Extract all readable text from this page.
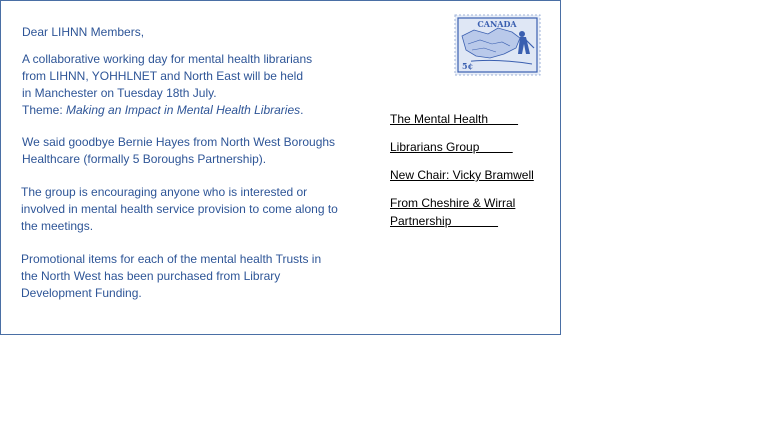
Dear LIHNN Members,

A collaborative working day for mental health librarians
from LIHNN, YOHHLNET and North East will be held
in Manchester on Tuesday 18th July.
Theme: Making an Impact in Mental Health Libraries.

We said goodbye Bernie Hayes from North West Boroughs
Healthcare (formally 5 Boroughs Partnership).

The group is encouraging anyone who is interested or
involved in mental health service provision to come along to
the meetings.

Promotional items for each of the mental health Trusts in
the North West has been purchased from Library
Development Funding.

The Mental Health
Librarians Group
New Chair: Vicky Bramwell
From Cheshire & Wirral
Partnership
CANADA
5¢
